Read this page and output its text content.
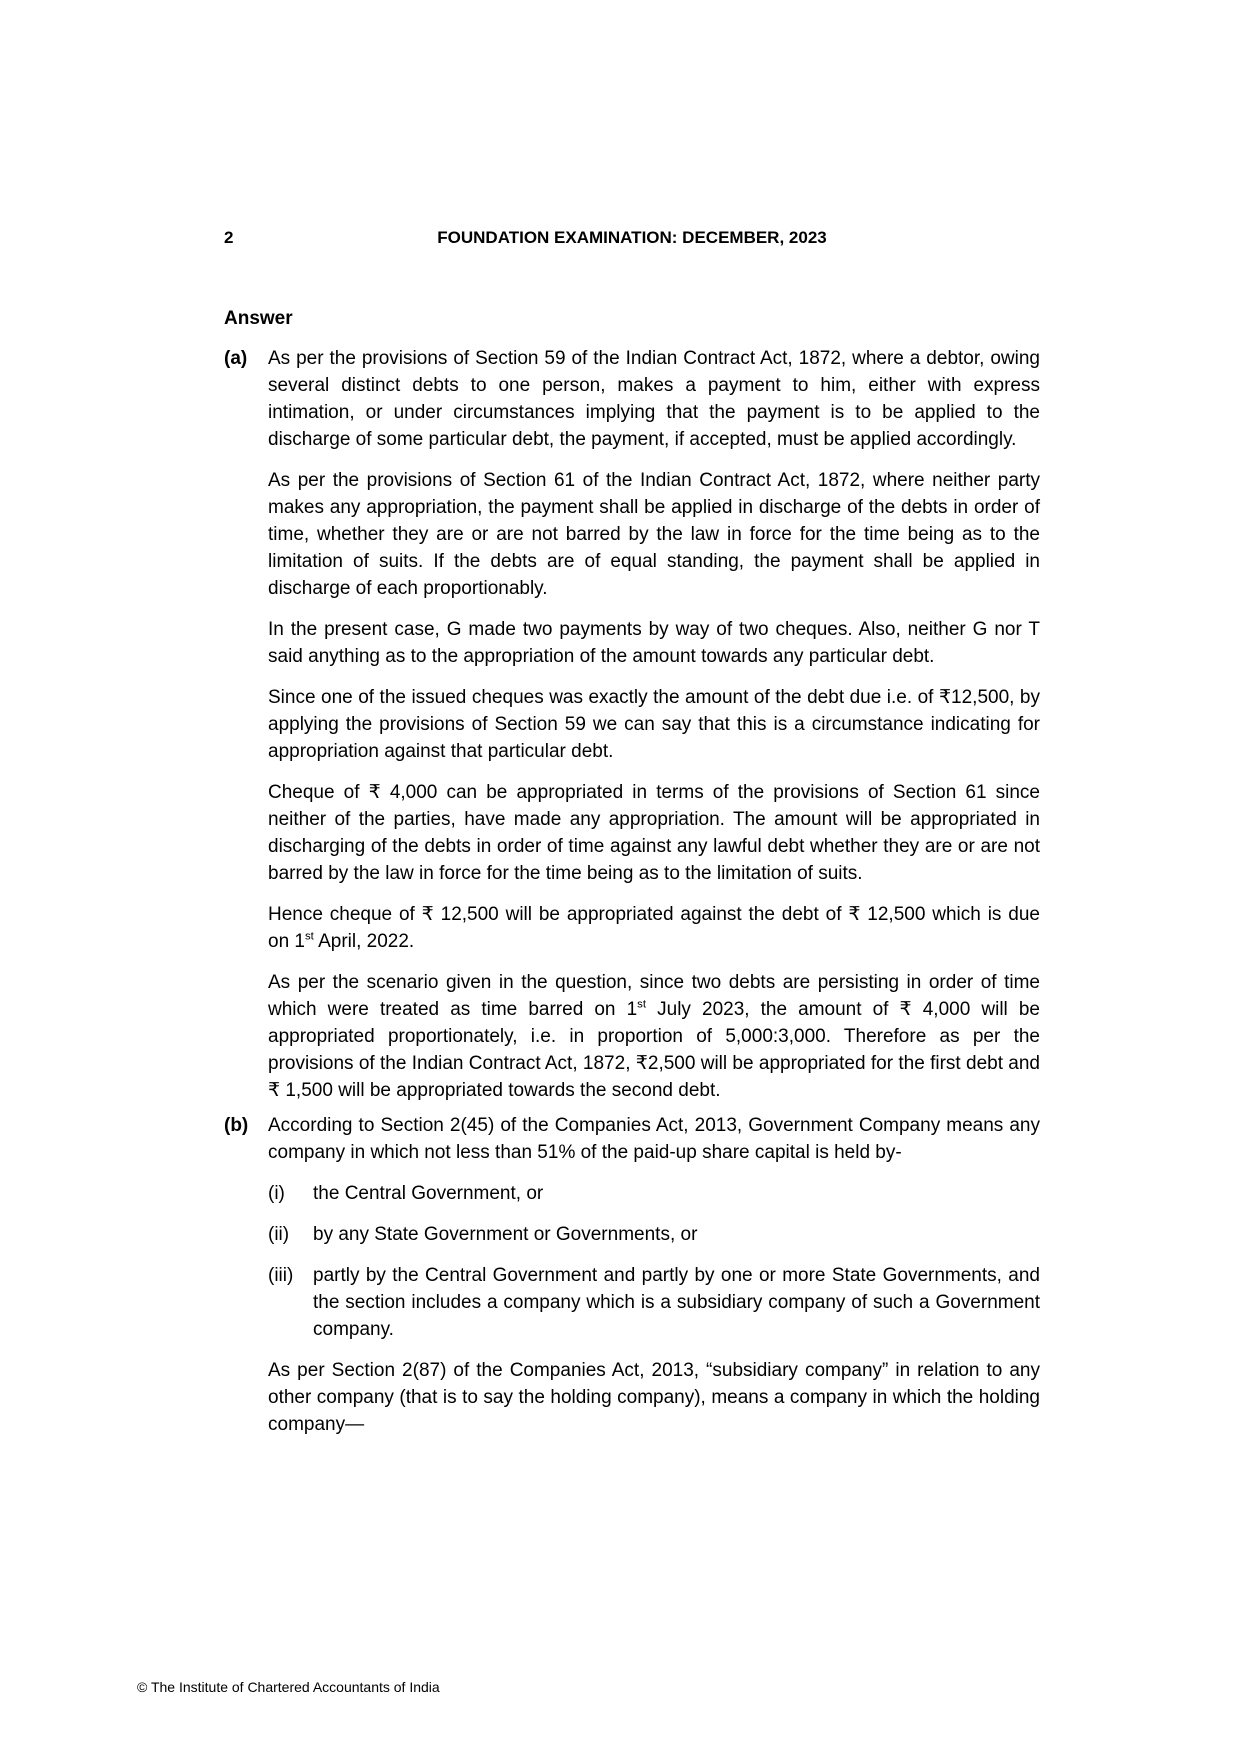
2	FOUNDATION EXAMINATION: DECEMBER, 2023
Answer
(a)	As per the provisions of Section 59 of the Indian Contract Act, 1872, where a debtor, owing several distinct debts to one person, makes a payment to him, either with express intimation, or under circumstances implying that the payment is to be applied to the discharge of some particular debt, the payment, if accepted, must be applied accordingly.

As per the provisions of Section 61 of the Indian Contract Act, 1872, where neither party makes any appropriation, the payment shall be applied in discharge of the debts in order of time, whether they are or are not barred by the law in force for the time being as to the limitation of suits. If the debts are of equal standing, the payment shall be applied in discharge of each proportionably.

In the present case, G made two payments by way of two cheques. Also, neither G nor T said anything as to the appropriation of the amount towards any particular debt.

Since one of the issued cheques was exactly the amount of the debt due i.e. of ₹12,500, by applying the provisions of Section 59 we can say that this is a circumstance indicating for appropriation against that particular debt.

Cheque of ₹ 4,000 can be appropriated in terms of the provisions of Section 61 since neither of the parties, have made any appropriation. The amount will be appropriated in discharging of the debts in order of time against any lawful debt whether they are or are not barred by the law in force for the time being as to the limitation of suits.

Hence cheque of ₹ 12,500 will be appropriated against the debt of ₹ 12,500 which is due on 1st April, 2022.

As per the scenario given in the question, since two debts are persisting in order of time which were treated as time barred on 1st July 2023, the amount of ₹ 4,000 will be appropriated proportionately, i.e. in proportion of 5,000:3,000. Therefore as per the provisions of the Indian Contract Act, 1872, ₹2,500 will be appropriated for the first debt and ₹ 1,500 will be appropriated towards the second debt.

(b)	According to Section 2(45) of the Companies Act, 2013, Government Company means any company in which not less than 51% of the paid-up share capital is held by-

(i)	the Central Government, or

(ii)	by any State Government or Governments, or

(iii)	partly by the Central Government and partly by one or more State Governments, and the section includes a company which is a subsidiary company of such a Government company.

As per Section 2(87) of the Companies Act, 2013, “subsidiary company” in relation to any other company (that is to say the holding company), means a company in which the holding company—

© The Institute of Chartered Accountants of India
